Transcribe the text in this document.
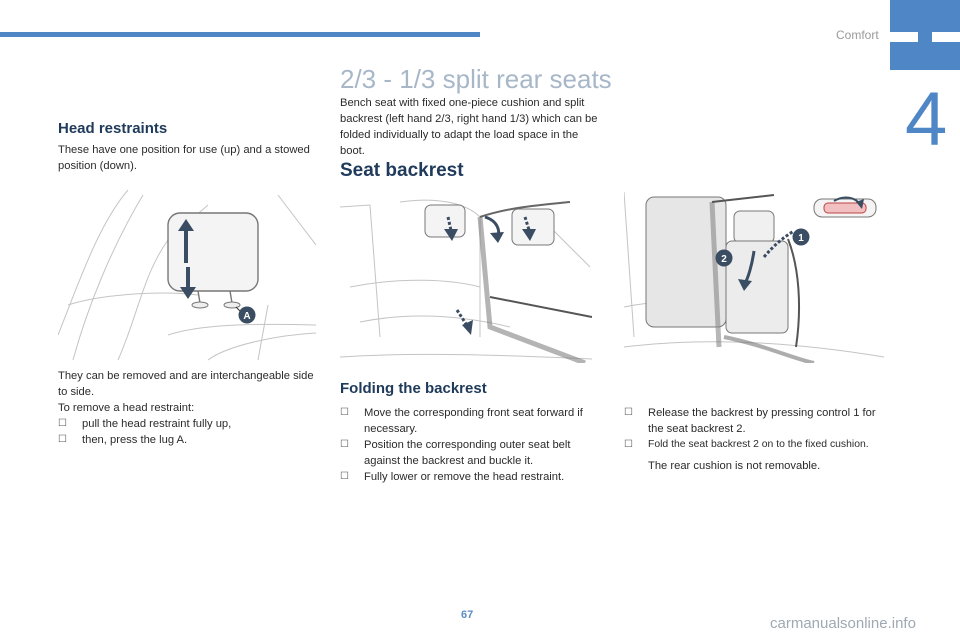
Comfort
4
Head restraints

These have one position for use (up) and a stowed position (down).

A

They can be removed and are interchangeable side to side.

To remove a head restraint:

☐ pull the head restraint fully up,
☐ then, press the lug A.
2/3 - 1/3 split rear seats

Bench seat with fixed one-piece cushion and split backrest (left hand 2/3, right hand 1/3) which can be folded individually to adapt the load space in the boot.

Seat backrest
Folding the backrest
☐ Move the corresponding front seat forward if necessary.
☐ Position the corresponding outer seat belt against the backrest and buckle it.
☐ Fully lower or remove the head restraint.
1
2
☐ Release the backrest by pressing control 1 for the seat backrest 2.
☐ Fold the seat backrest 2 on to the fixed cushion.

The rear cushion is not removable.

67	carmanualsonline.info
